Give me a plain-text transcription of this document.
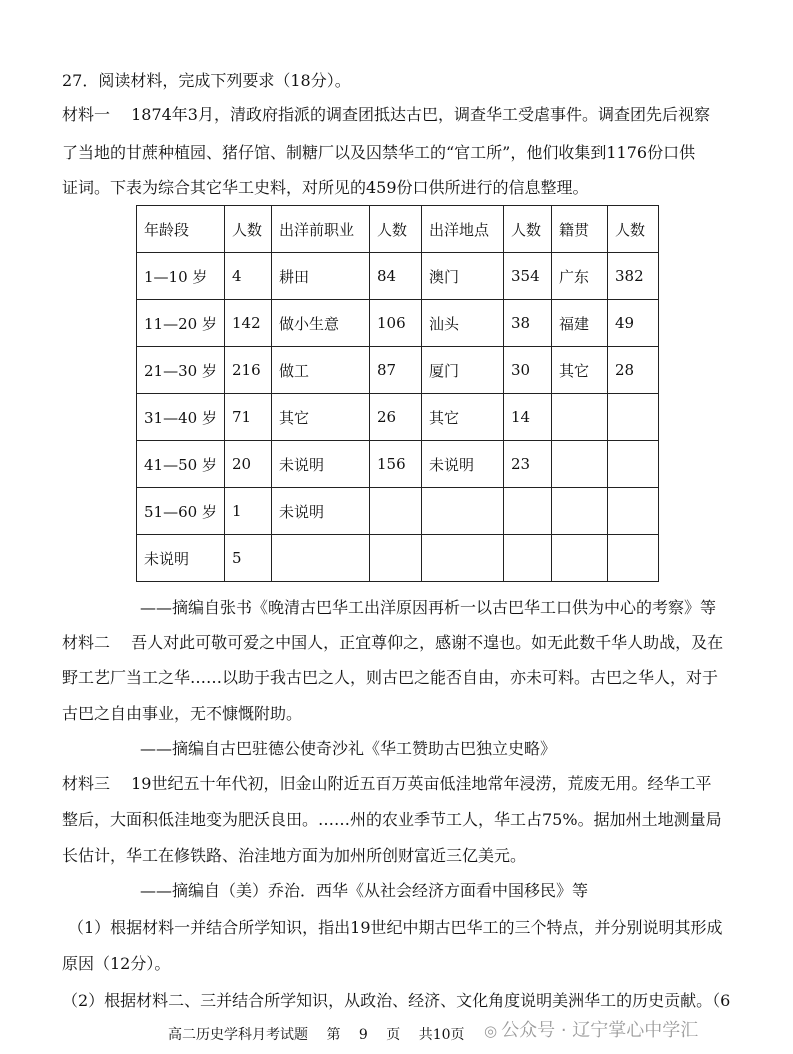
27．阅读材料，完成下列要求（18分）。
材料一　 1874年3月，清政府指派的调查团抵达古巴，调查华工受虐事件。调查团先后视察
了当地的甘蔗种植园、猪仔馆、制糖厂以及囚禁华工的“官工所”，他们收集到1176份口供
证词。下表为综合其它华工史料，对所见的459份口供所进行的信息整理。
年龄段	人数	出洋前职业	人数	出洋地点	人数	籍贯	人数
1—10 岁	4	耕田	84	澳门	354	广东	382
11—20 岁	142	做小生意	106	汕头	38	福建	49
21—30 岁	216	做工	87	厦门	30	其它	28
31—40 岁	71	其它	26	其它	14		
41—50 岁	20	未说明	156	未说明	23		
51—60 岁	1	未说明					
未说明	5						
——摘编自张书《晚清古巴华工出洋原因再析一以古巴华工口供为中心的考察》等
材料二　 吾人对此可敬可爱之中国人，正宜尊仰之，感谢不遑也。如无此数千华人助战，及在
野工艺厂当工之华……以助于我古巴之人，则古巴之能否自由，亦未可料。古巴之华人，对于
古巴之自由事业，无不慷慨附助。
——摘编自古巴驻德公使奇沙礼《华工赞助古巴独立史略》
材料三　 19世纪五十年代初，旧金山附近五百万英亩低洼地常年浸涝，荒废无用。经华工平
整后，大面积低洼地变为肥沃良田。……州的农业季节工人，华工占75%。据加州土地测量局
长估计，华工在修铁路、治洼地方面为加州所创财富近三亿美元。
——摘编自（美）乔治．西华《从社会经济方面看中国移民》等
（1）根据材料一并结合所学知识，指出19世纪中期古巴华工的三个特点，并分别说明其形成
原因（12分）。
（2）根据材料二、三并结合所学知识，从政治、经济、文化角度说明美洲华工的历史贡献。（6
高二历史学科月考试题 第 9 页 共10页 ◎ 公众号 · 辽宁掌心中学汇
